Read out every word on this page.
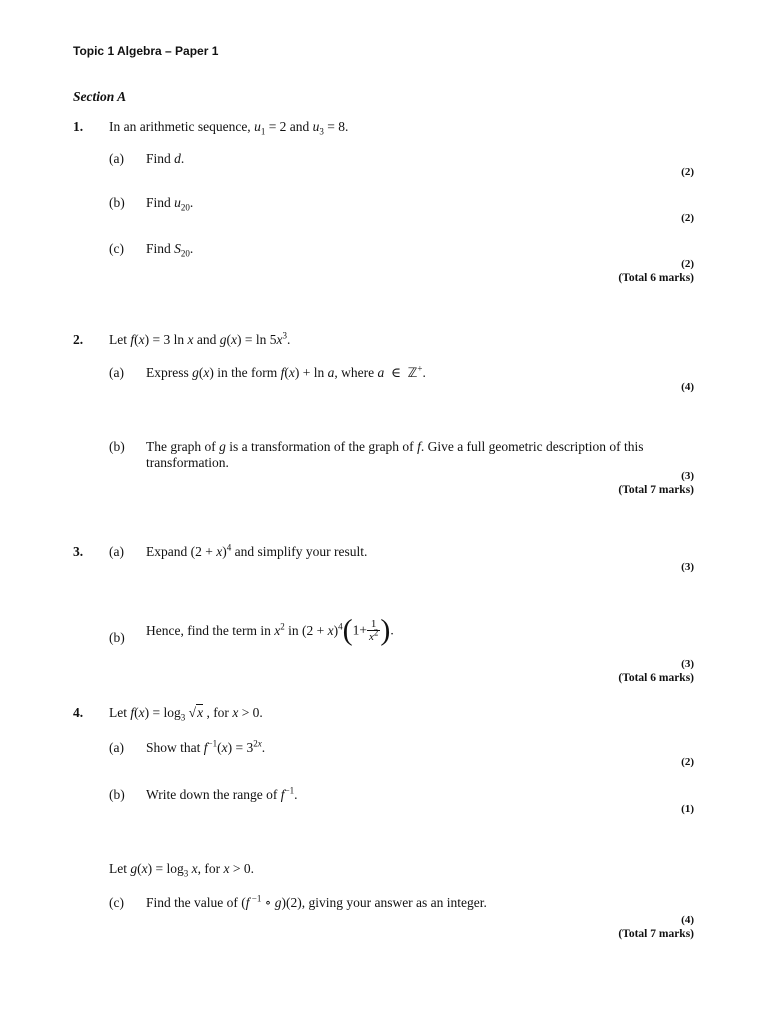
Topic 1 Algebra – Paper 1
Section A
1. In an arithmetic sequence, $u_1 = 2$ and $u_3 = 8$.
(a) Find d.
(2)
(b) Find $u_{20}$.
(2)
(c) Find $S_{20}$.
(2)
(Total 6 marks)
2. Let f(x) = 3 ln x and $g(x) = \ln 5x^3$.
(a) Express g(x) in the form f(x) + ln a, where a  ∈  ℤ+.
(4)
(b) The graph of g is a transformation of the graph of f. Give a full geometric description of this transformation.
(3)
(Total 7 marks)
3. (a) Expand $(2 + x)^4$ and simplify your result.
(3)
(b) Hence, find the term in $x^2$ in $(2 + x)^4(1+ \frac{1}{x^2}$ ).
(3)
(Total 6 marks)
4. Let $f(x) = \log_3 √x$ , for x > 0.
(a) Show that $f^{-1}(x) = 3^{2x}$.
(2)
(b) Write down the range of $f^{-1}$.
(1)
Let $g(x) = \log_3 x$, for x > 0.
(c) Find the value of (f $^{-1}$ ∘ g)(2), giving your answer as an integer.
(4)
(Total 7 marks)
